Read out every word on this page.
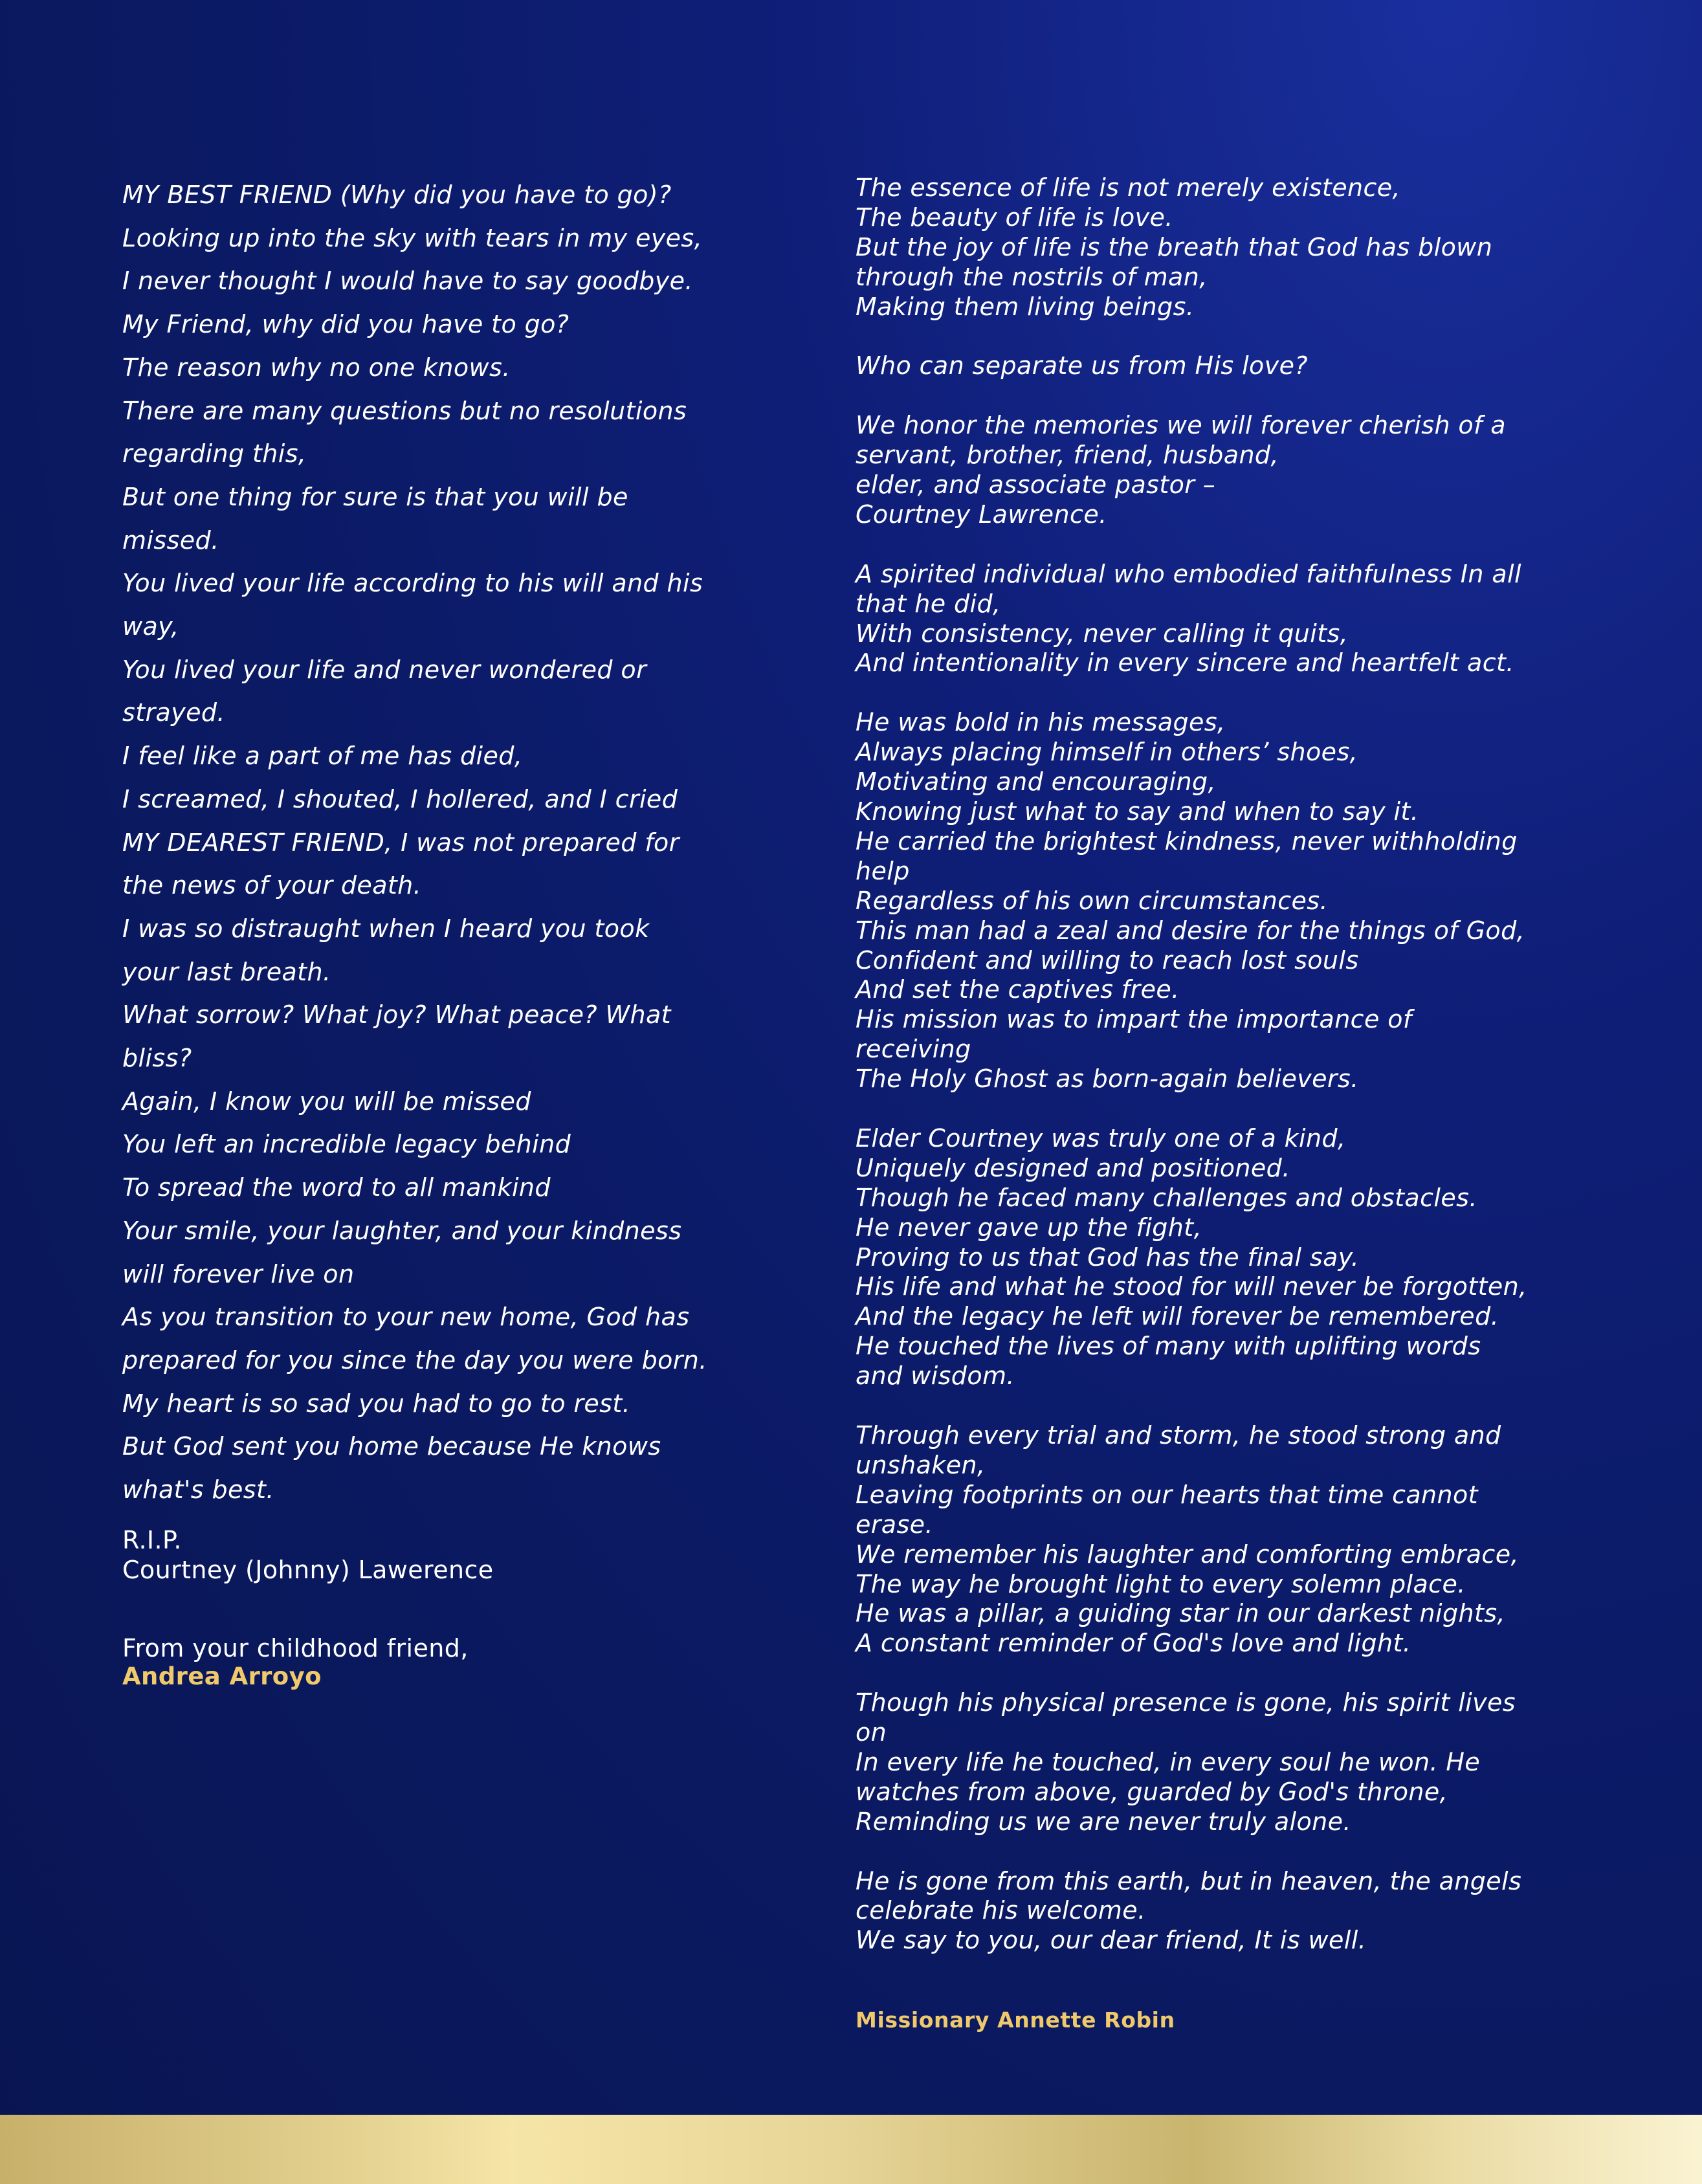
MY BEST FRIEND (Why did you have to go)?
Looking up into the sky with tears in my eyes,
I never thought I would have to say goodbye.
My Friend, why did you have to go?
The reason why no one knows.
There are many questions but no resolutions
regarding this,
But one thing for sure is that you will be
missed.
You lived your life according to his will and his
way,
You lived your life and never wondered or
strayed.
I feel like a part of me has died,
I screamed, I shouted, I hollered, and I cried
MY DEAREST FRIEND, I was not prepared for
the news of your death.
I was so distraught when I heard you took
your last breath.
What sorrow? What joy? What peace? What
bliss?
Again, I know you will be missed
You left an incredible legacy behind
To spread the word to all mankind
Your smile, your laughter, and your kindness
will forever live on
As you transition to your new home, God has
prepared for you since the day you were born.
My heart is so sad you had to go to rest.
But God sent you home because He knows
what's best.
R.I.P.
Courtney (Johnny) Lawerence
From your childhood friend,
Andrea Arroyo
The essence of life is not merely existence,
The beauty of life is love.
But the joy of life is the breath that God has blown
through the nostrils of man,
Making them living beings.
Who can separate us from His love?
We honor the memories we will forever cherish of a
servant, brother, friend, husband,
elder, and associate pastor –
Courtney Lawrence.
A spirited individual who embodied faithfulness In all
that he did,
With consistency, never calling it quits,
And intentionality in every sincere and heartfelt act.
He was bold in his messages,
Always placing himself in others’ shoes,
Motivating and encouraging,
Knowing just what to say and when to say it.
He carried the brightest kindness, never withholding
help
Regardless of his own circumstances.
This man had a zeal and desire for the things of God,
Confident and willing to reach lost souls
And set the captives free.
His mission was to impart the importance of
receiving
The Holy Ghost as born-again believers.
Elder Courtney was truly one of a kind,
Uniquely designed and positioned.
Though he faced many challenges and obstacles.
He never gave up the fight,
Proving to us that God has the final say.
His life and what he stood for will never be forgotten,
And the legacy he left will forever be remembered.
He touched the lives of many with uplifting words
and wisdom.
Through every trial and storm, he stood strong and
unshaken,
Leaving footprints on our hearts that time cannot
erase.
We remember his laughter and comforting embrace,
The way he brought light to every solemn place.
He was a pillar, a guiding star in our darkest nights,
A constant reminder of God's love and light.
Though his physical presence is gone, his spirit lives
on
In every life he touched, in every soul he won. He
watches from above, guarded by God's throne,
Reminding us we are never truly alone.
He is gone from this earth, but in heaven, the angels
celebrate his welcome.
We say to you, our dear friend, It is well.
Missionary Annette Robin
